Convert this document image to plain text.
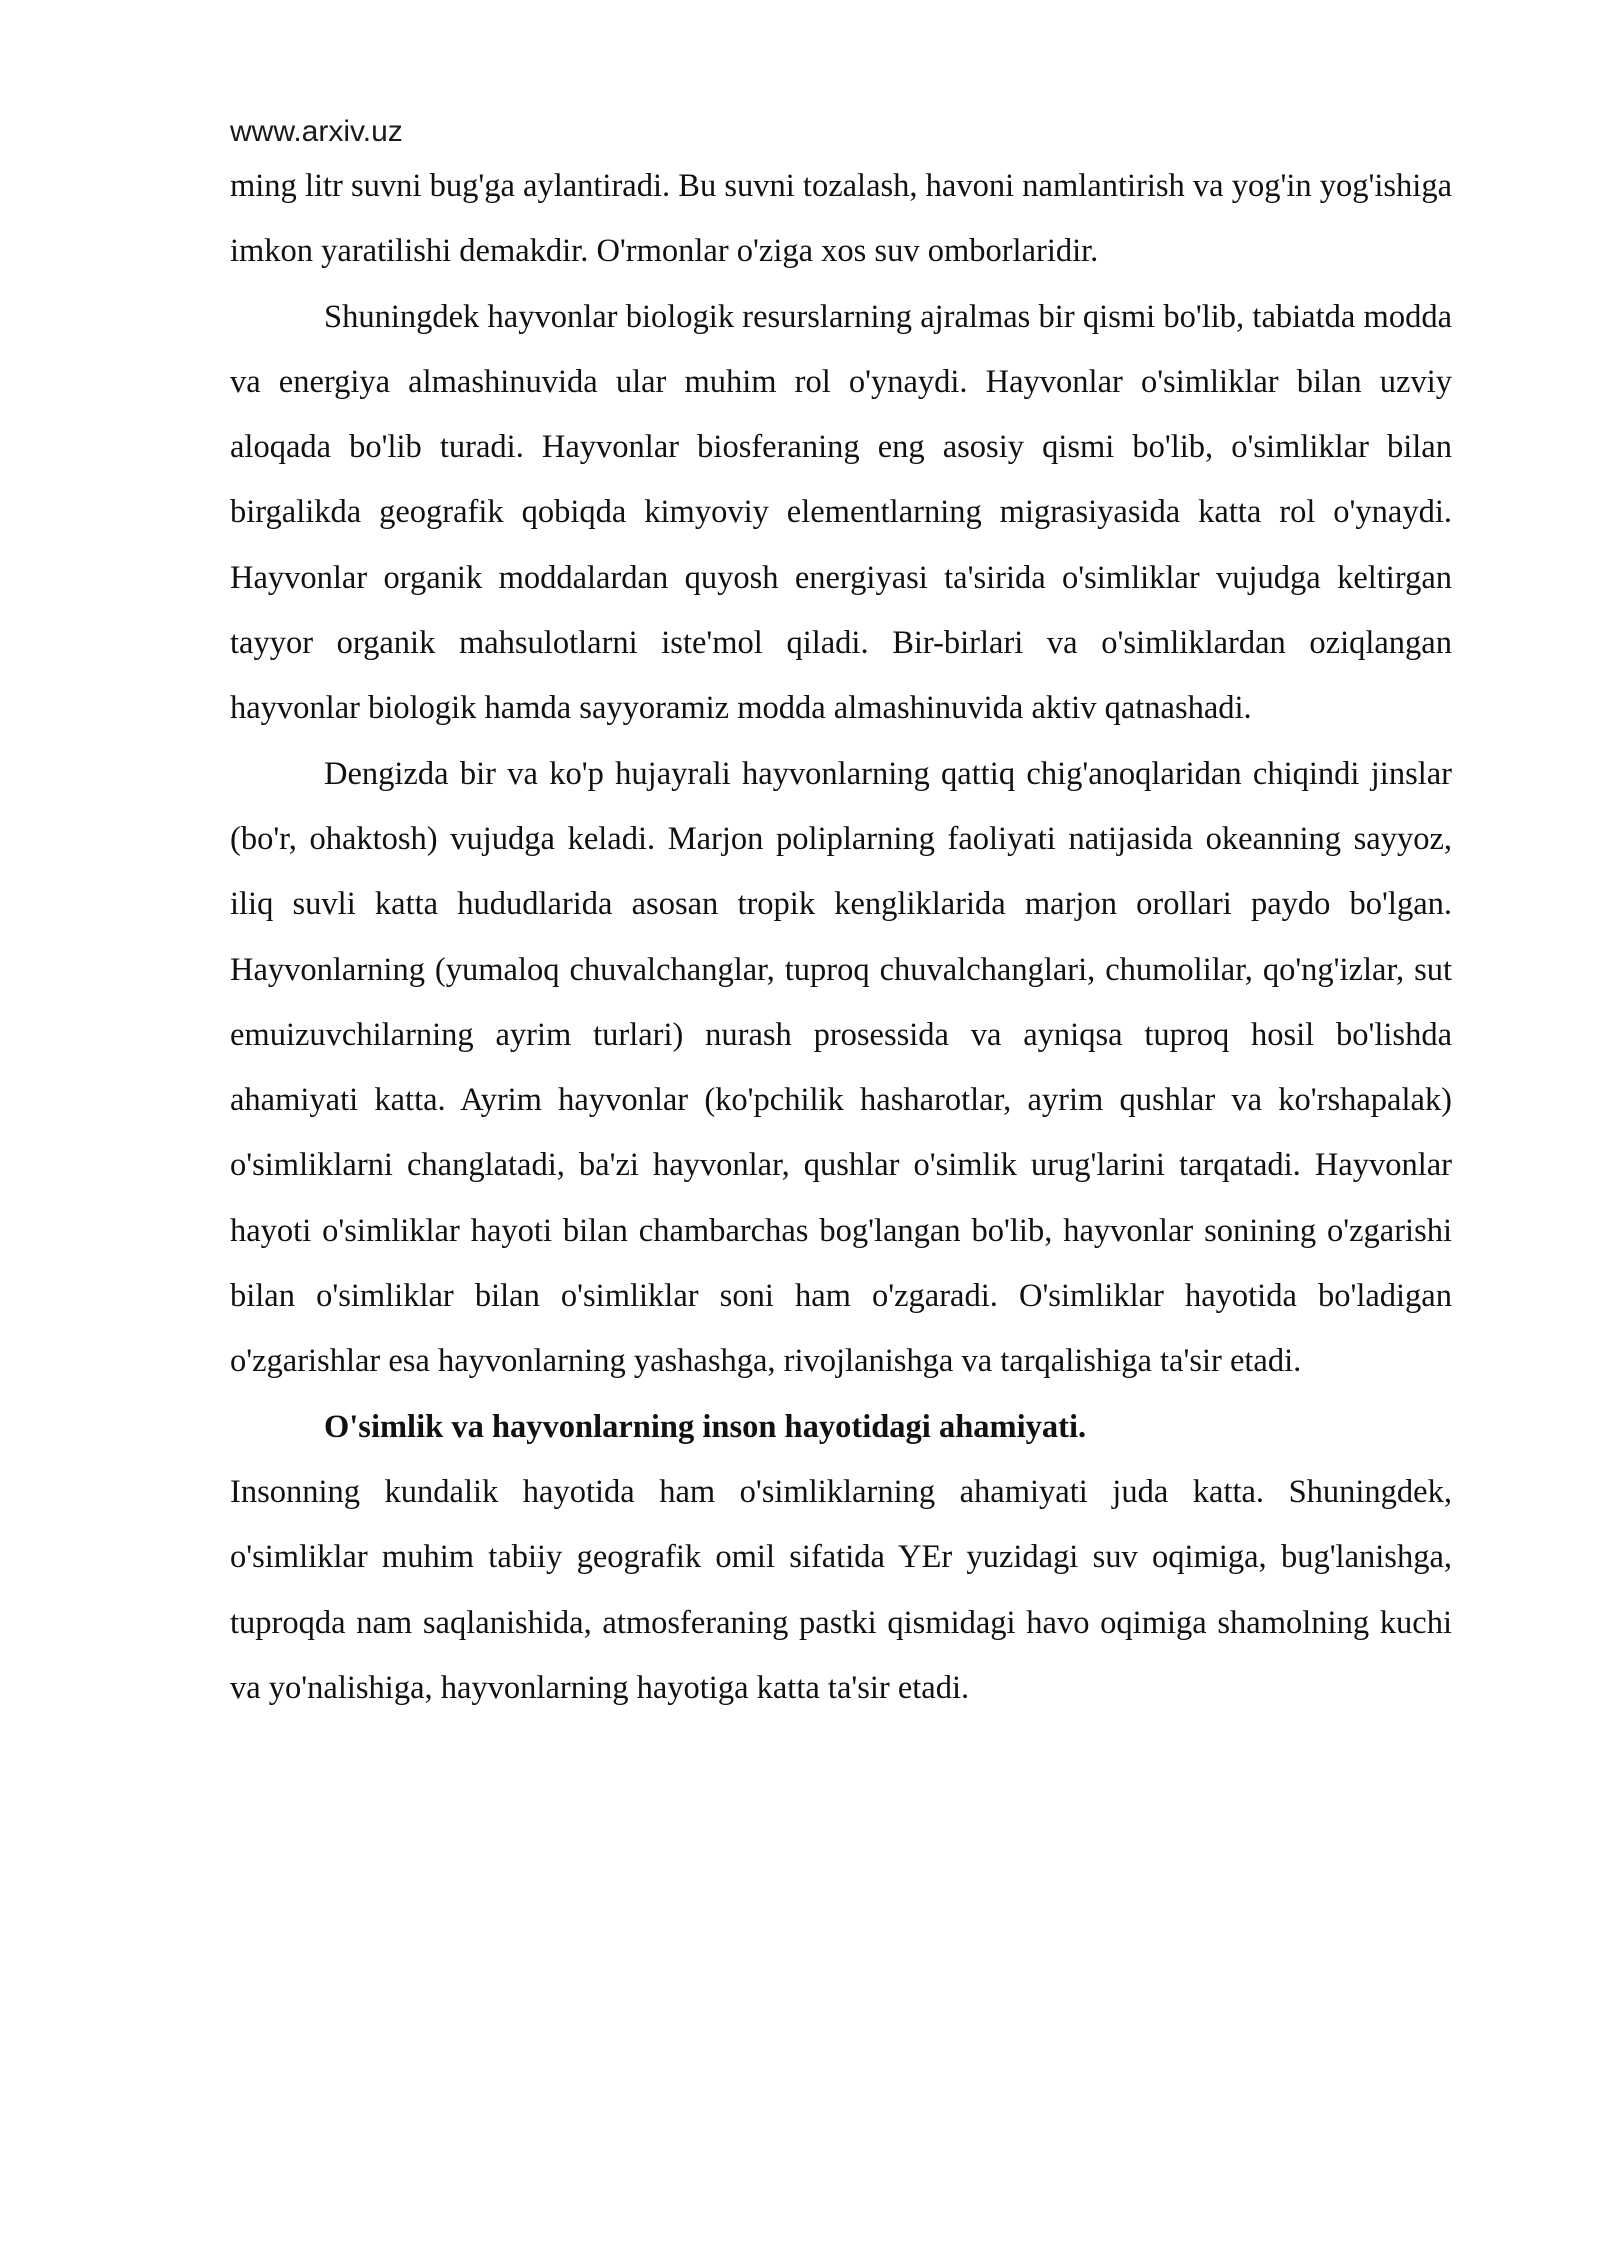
www.arxiv.uz

ming litr suvni bug'ga aylantiradi. Bu suvni tozalash, havoni namlantirish va yog'in yog'ishiga imkon yaratilishi demakdir. O'rmonlar o'ziga xos suv omborlaridir.

Shuningdek hayvonlar biologik resurslarning ajralmas bir qismi bo'lib, tabiatda modda va energiya almashinuvida ular muhim rol o'ynaydi. Hayvonlar o'simliklar bilan uzviy aloqada bo'lib turadi. Hayvonlar biosferaning eng asosiy qismi bo'lib, o'simliklar bilan birgalikda geografik qobiqda kimyoviy elementlarning migrasiyasida katta rol o'ynaydi. Hayvonlar organik moddalardan quyosh energiyasi ta'sirida o'simliklar vujudga keltirgan tayyor organik mahsulotlarni iste'mol qiladi. Bir-birlari va o'simliklardan oziqlangan hayvonlar biologik hamda sayyoramiz modda almashinuvida aktiv qatnashadi.

Dengizda bir va ko'p hujayrali hayvonlarning qattiq chig'anoqlaridan chiqindi jinslar (bo'r, ohaktosh) vujudga keladi. Marjon poliplarning faoliyati natijasida okeanning sayyoz, iliq suvli katta hududlarida asosan tropik kengliklarida marjon orollari paydo bo'lgan. Hayvonlarning (yumaloq chuvalchanglar, tuproq chuvalchanglari, chumolilar, qo'ng'izlar, sut emuizuvchilarning ayrim turlari) nurash prosessida va ayniqsa tuproq hosil bo'lishda ahamiyati katta. Ayrim hayvonlar (ko'pchilik hasharotlar, ayrim qushlar va ko'rshapalak) o'simliklarni changlatadi, ba'zi hayvonlar, qushlar o'simlik urug'larini tarqatadi. Hayvonlar hayoti o'simliklar hayoti bilan chambarchas bog'langan bo'lib, hayvonlar sonining o'zgarishi bilan o'simliklar bilan o'simliklar soni ham o'zgaradi. O'simliklar hayotida bo'ladigan o'zgarishlar esa hayvonlarning yashashga, rivojlanishga va tarqalishiga ta'sir etadi.

O'simlik va hayvonlarning inson hayotidagi ahamiyati.

Insonning kundalik hayotida ham o'simliklarning ahamiyati juda katta. Shuningdek, o'simliklar muhim tabiiy geografik omil sifatida YEr yuzidagi suv oqimiga, bug'lanishga, tuproqda nam saqlanishida, atmosferaning pastki qismidagi havo oqimiga shamolning kuchi va yo'nalishiga, hayvonlarning hayotiga katta ta'sir etadi.
